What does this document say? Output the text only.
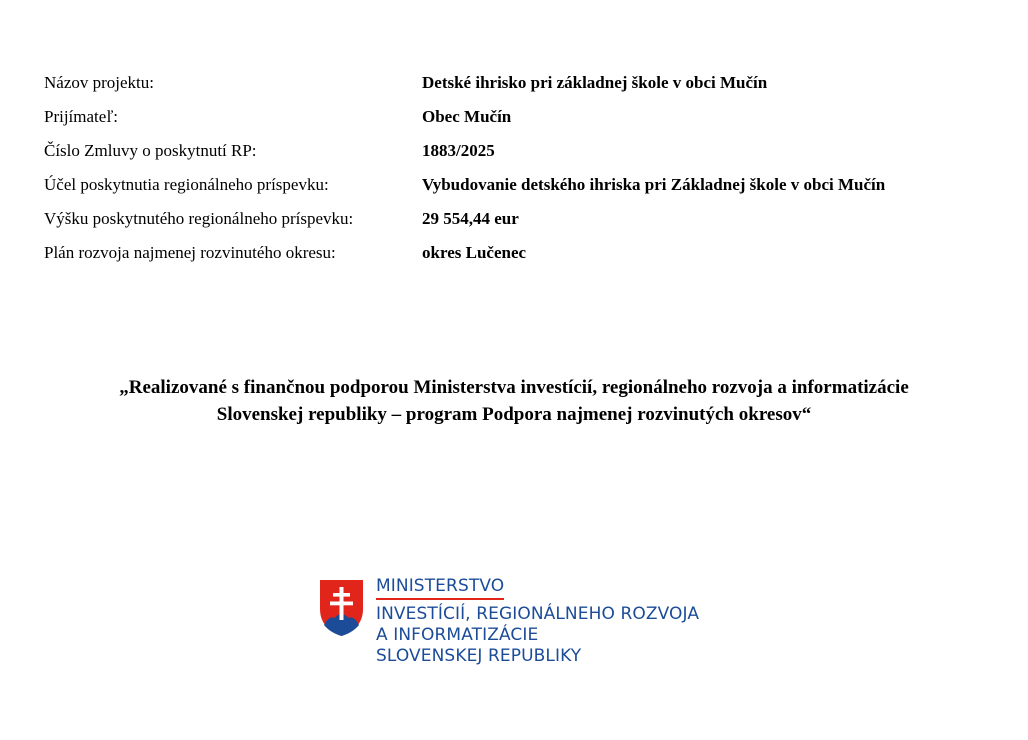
Názov projektu:	Detské ihrisko pri základnej škole v obci Mučín
Prijímateľ:	Obec Mučín
Číslo Zmluvy o poskytnutí RP:	1883/2025
Účel poskytnutia regionálneho príspevku:	Vybudovanie detského ihriska pri Základnej škole v obci Mučín
Výšku poskytnutého regionálneho príspevku:	29 554,44 eur
Plán rozvoja najmenej rozvinutého okresu:	okres Lučenec
„Realizované s finančnou podporou Ministerstva investícií, regionálneho rozvoja a informatizácie
Slovenskej republiky – program Podpora najmenej rozvinutých okresov“
MINISTERSTVO
INVESTÍCIÍ, REGIONÁLNEHO ROZVOJA
A INFORMATIZÁCIE
SLOVENSKEJ REPUBLIKY
